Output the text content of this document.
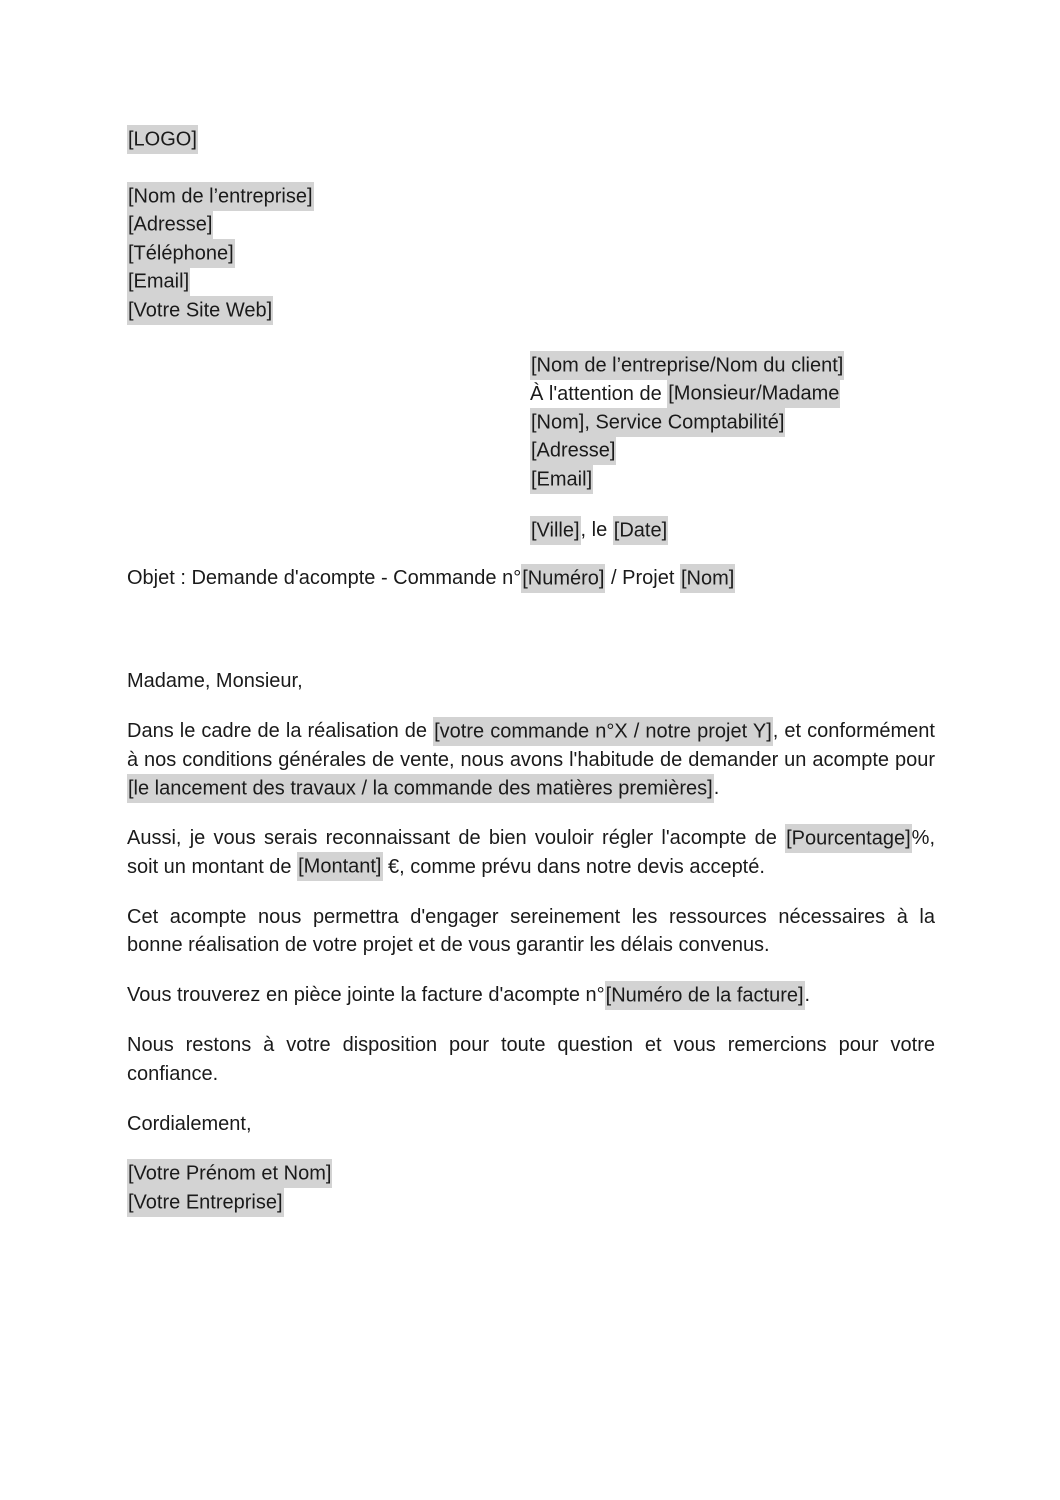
[LOGO]

[Nom de l’entreprise]

[Adresse]

[Téléphone]

[Email]

[Votre Site Web]

[Nom de l’entreprise/Nom du client]

À l'attention de [Monsieur/Madame

[Nom], Service Comptabilité]

[Adresse]

[Email]

[Ville], le [Date]

Objet : Demande d'acompte - Commande n°[Numéro] / Projet [Nom]

Madame, Monsieur,

Dans le cadre de la réalisation de [votre commande n°X / notre projet Y], et conformément à nos conditions générales de vente, nous avons l'habitude de demander un acompte pour [le lancement des travaux / la commande des matières premières].

Aussi, je vous serais reconnaissant de bien vouloir régler l'acompte de [Pourcentage]%, soit un montant de [Montant] €, comme prévu dans notre devis accepté.

Cet acompte nous permettra d'engager sereinement les ressources nécessaires à la bonne réalisation de votre projet et de vous garantir les délais convenus.

Vous trouverez en pièce jointe la facture d'acompte n°[Numéro de la facture].

Nous restons à votre disposition pour toute question et vous remercions pour votre confiance.

Cordialement,

[Votre Prénom et Nom]

[Votre Entreprise]
